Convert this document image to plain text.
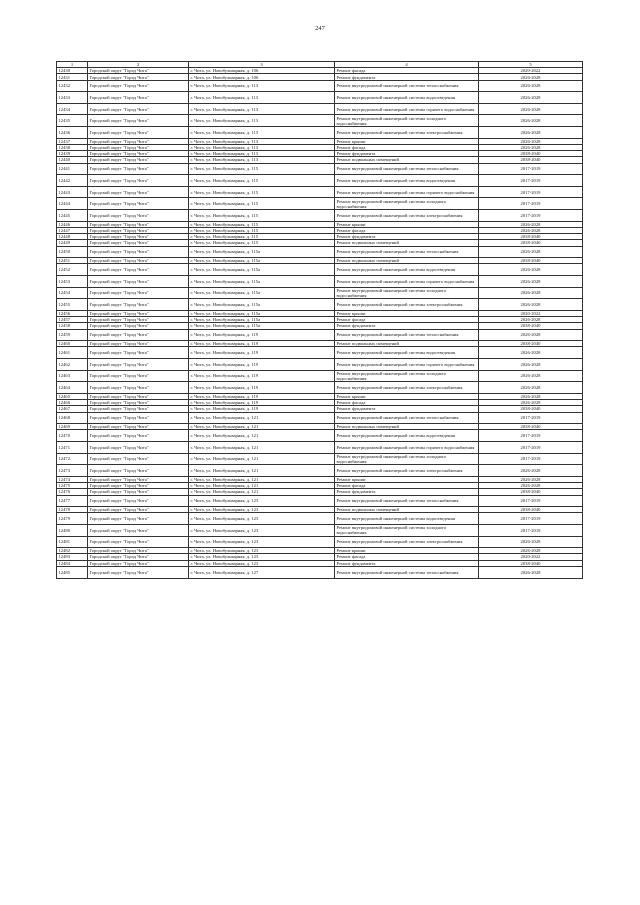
247
1	2	3	4	5
12430	Городской округ "Город Чита"	г. Чита, ул. Новобульварная, д. 106	Ремонт фасада	2020-2022
12431	Городской округ "Город Чита"	г. Чита, ул. Новобульварная, д. 106	Ремонт фундамента	2026-2028
12432	Городской округ "Город Чита"	г. Чита, ул. Новобульварная, д. 113	Ремонт внутридомовой инженерной системы теплоснабжения	2026-2028
12433	Городской округ "Город Чита"	г. Чита, ул. Новобульварная, д. 113	Ремонт внутридомовой инженерной системы водоотведения	2026-2028
12434	Городской округ "Город Чита"	г. Чита, ул. Новобульварная, д. 113	Ремонт внутридомовой инженерной системы горячего водоснабжения	2026-2028
12435	Городской округ "Город Чита"	г. Чита, ул. Новобульварная, д. 113	Ремонт внутридомовой инженерной системы холодного водоснабжения	2026-2028
12436	Городской округ "Город Чита"	г. Чита, ул. Новобульварная, д. 113	Ремонт внутридомовой инженерной системы электроснабжения	2026-2028
12437	Городской округ "Город Чита"	г. Чита, ул. Новобульварная, д. 113	Ремонт крыши	2026-2028
12438	Городской округ "Город Чита"	г. Чита, ул. Новобульварная, д. 113	Ремонт фасада	2026-2028
12439	Городской округ "Город Чита"	г. Чита, ул. Новобульварная, д. 113	Ремонт фундамента	2038-2040
12440	Городской округ "Город Чита"	г. Чита, ул. Новобульварная, д. 113	Ремонт подвальных помещений	2038-2040
12441	Городской округ "Город Чита"	г. Чита, ул. Новобульварная, д. 115	Ремонт внутридомовой инженерной системы теплоснабжения	2017-2019
12442	Городской округ "Город Чита"	г. Чита, ул. Новобульварная, д. 115	Ремонт внутридомовой инженерной системы водоотведения	2017-2019
12443	Городской округ "Город Чита"	г. Чита, ул. Новобульварная, д. 115	Ремонт внутридомовой инженерной системы горячего водоснабжения	2017-2019
12444	Городской округ "Город Чита"	г. Чита, ул. Новобульварная, д. 115	Ремонт внутридомовой инженерной системы холодного водоснабжения	2017-2019
12445	Городской округ "Город Чита"	г. Чита, ул. Новобульварная, д. 115	Ремонт внутридомовой инженерной системы электроснабжения	2017-2019
12446	Городской округ "Город Чита"	г. Чита, ул. Новобульварная, д. 115	Ремонт крыши	2026-2028
12447	Городской округ "Город Чита"	г. Чита, ул. Новобульварная, д. 115	Ремонт фасада	2026-2028
12448	Городской округ "Город Чита"	г. Чита, ул. Новобульварная, д. 115	Ремонт фундамента	2038-2040
12449	Городской округ "Город Чита"	г. Чита, ул. Новобульварная, д. 115	Ремонт подвальных помещений	2038-2040
12450	Городской округ "Город Чита"	г. Чита, ул. Новобульварная, д. 115а	Ремонт внутридомовой инженерной системы теплоснабжения	2026-2028
12451	Городской округ "Город Чита"	г. Чита, ул. Новобульварная, д. 115а	Ремонт подвальных помещений	2038-2040
12452	Городской округ "Город Чита"	г. Чита, ул. Новобульварная, д. 115а	Ремонт внутридомовой инженерной системы водоотведения	2026-2028
12453	Городской округ "Город Чита"	г. Чита, ул. Новобульварная, д. 115а	Ремонт внутридомовой инженерной системы горячего водоснабжения	2026-2028
12454	Городской округ "Город Чита"	г. Чита, ул. Новобульварная, д. 115а	Ремонт внутридомовой инженерной системы холодного водоснабжения	2026-2028
12455	Городской округ "Город Чита"	г. Чита, ул. Новобульварная, д. 115а	Ремонт внутридомовой инженерной системы электроснабжения	2026-2028
12456	Городской округ "Город Чита"	г. Чита, ул. Новобульварная, д. 115а	Ремонт крыши	2020-2022
12457	Городской округ "Город Чита"	г. Чита, ул. Новобульварная, д. 115а	Ремонт фасада	2026-2028
12458	Городской округ "Город Чита"	г. Чита, ул. Новобульварная, д. 115а	Ремонт фундамента	2038-2040
12459	Городской округ "Город Чита"	г. Чита, ул. Новобульварная, д. 119	Ремонт внутридомовой инженерной системы теплоснабжения	2026-2028
12460	Городской округ "Город Чита"	г. Чита, ул. Новобульварная, д. 119	Ремонт подвальных помещений	2038-2040
12461	Городской округ "Город Чита"	г. Чита, ул. Новобульварная, д. 119	Ремонт внутридомовой инженерной системы водоотведения	2026-2028
12462	Городской округ "Город Чита"	г. Чита, ул. Новобульварная, д. 119	Ремонт внутридомовой инженерной системы горячего водоснабжения	2026-2028
12463	Городской округ "Город Чита"	г. Чита, ул. Новобульварная, д. 119	Ремонт внутридомовой инженерной системы холодного водоснабжения	2026-2028
12464	Городской округ "Город Чита"	г. Чита, ул. Новобульварная, д. 119	Ремонт внутридомовой инженерной системы электроснабжения	2026-2028
12465	Городской округ "Город Чита"	г. Чита, ул. Новобульварная, д. 119	Ремонт крыши	2026-2028
12466	Городской округ "Город Чита"	г. Чита, ул. Новобульварная, д. 119	Ремонт фасада	2026-2028
12467	Городской округ "Город Чита"	г. Чита, ул. Новобульварная, д. 119	Ремонт фундамента	2038-2040
12468	Городской округ "Город Чита"	г. Чита, ул. Новобульварная, д. 121	Ремонт внутридомовой инженерной системы теплоснабжения	2017-2019
12469	Городской округ "Город Чита"	г. Чита, ул. Новобульварная, д. 121	Ремонт подвальных помещений	2038-2040
12470	Городской округ "Город Чита"	г. Чита, ул. Новобульварная, д. 121	Ремонт внутридомовой инженерной системы водоотведения	2017-2019
12471	Городской округ "Город Чита"	г. Чита, ул. Новобульварная, д. 121	Ремонт внутридомовой инженерной системы горячего водоснабжения	2017-2019
12472	Городской округ "Город Чита"	г. Чита, ул. Новобульварная, д. 121	Ремонт внутридомовой инженерной системы холодного водоснабжения	2017-2019
12473	Городской округ "Город Чита"	г. Чита, ул. Новобульварная, д. 121	Ремонт внутридомовой инженерной системы электроснабжения	2026-2028
12474	Городской округ "Город Чита"	г. Чита, ул. Новобульварная, д. 121	Ремонт крыши	2026-2028
12475	Городской округ "Город Чита"	г. Чита, ул. Новобульварная, д. 121	Ремонт фасада	2026-2028
12476	Городской округ "Город Чита"	г. Чита, ул. Новобульварная, д. 121	Ремонт фундамента	2038-2040
12477	Городской округ "Город Чита"	г. Чита, ул. Новобульварная, д. 123	Ремонт внутридомовой инженерной системы теплоснабжения	2017-2019
12478	Городской округ "Город Чита"	г. Чита, ул. Новобульварная, д. 123	Ремонт подвальных помещений	2038-2040
12479	Городской округ "Город Чита"	г. Чита, ул. Новобульварная, д. 123	Ремонт внутридомовой инженерной системы водоотведения	2017-2019
12480	Городской округ "Город Чита"	г. Чита, ул. Новобульварная, д. 123	Ремонт внутридомовой инженерной системы холодного водоснабжения	2017-2019
12481	Городской округ "Город Чита"	г. Чита, ул. Новобульварная, д. 123	Ремонт внутридомовой инженерной системы электроснабжения	2026-2028
12482	Городской округ "Город Чита"	г. Чита, ул. Новобульварная, д. 123	Ремонт крыши	2026-2028
12483	Городской округ "Город Чита"	г. Чита, ул. Новобульварная, д. 123	Ремонт фасада	2020-2022
12484	Городской округ "Город Чита"	г. Чита, ул. Новобульварная, д. 123	Ремонт фундамента	2038-2040
12485	Городской округ "Город Чита"	г. Чита, ул. Новобульварная, д. 127	Ремонт внутридомовой инженерной системы теплоснабжения	2026-2028
